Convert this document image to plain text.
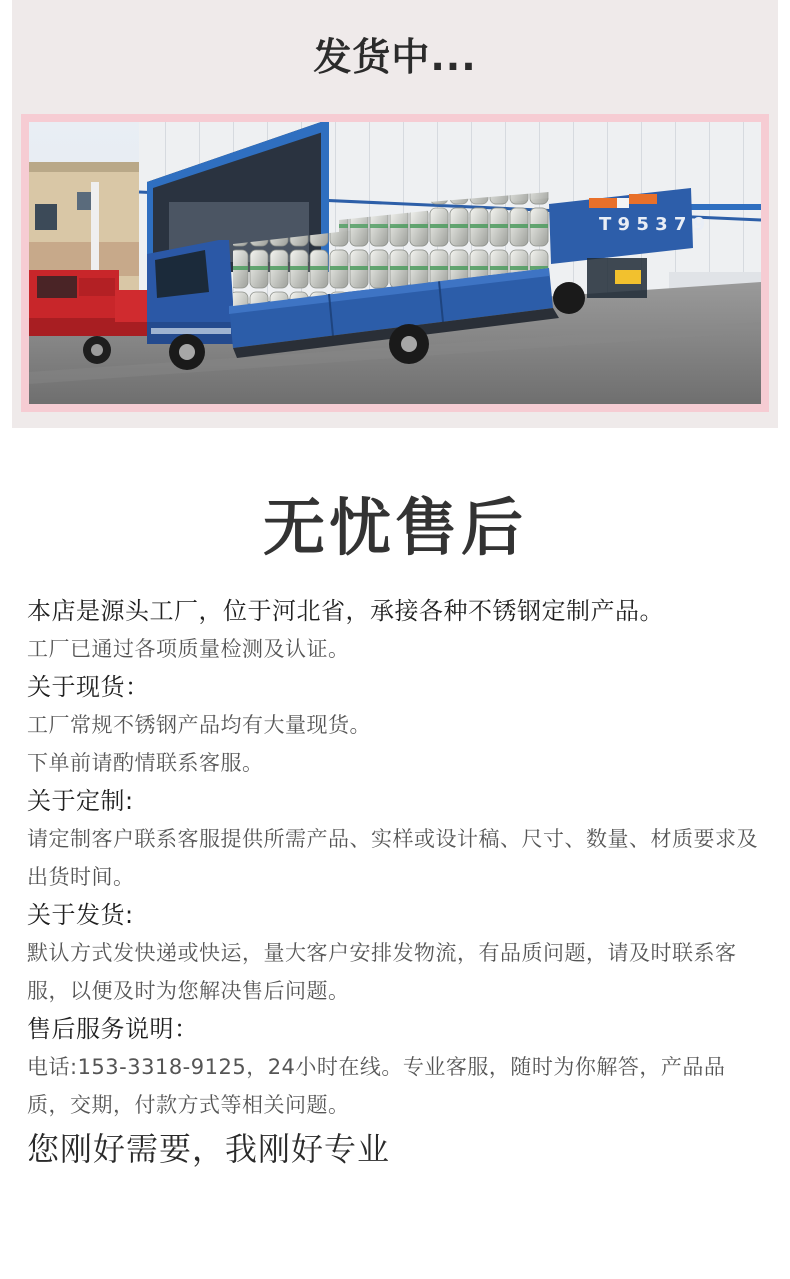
发货中...
T 9 5 3 7 9
无忧售后
本店是源头工厂，位于河北省，承接各种不锈钢定制产品。
工厂已通过各项质量检测及认证。
关于现货：
工厂常规不锈钢产品均有大量现货。
下单前请酌情联系客服。
关于定制:
请定制客户联系客服提供所需产品、实样或设计稿、尺寸、数量、材质要求及出货时间。
关于发货:
默认方式发快递或快运，量大客户安排发物流，有品质问题，请及时联系客服，以便及时为您解决售后问题。
售后服务说明：
电话:153-3318-9125，24小时在线。专业客服，随时为你解答，产品品质，交期，付款方式等相关问题。
您刚好需要，我刚好专业
